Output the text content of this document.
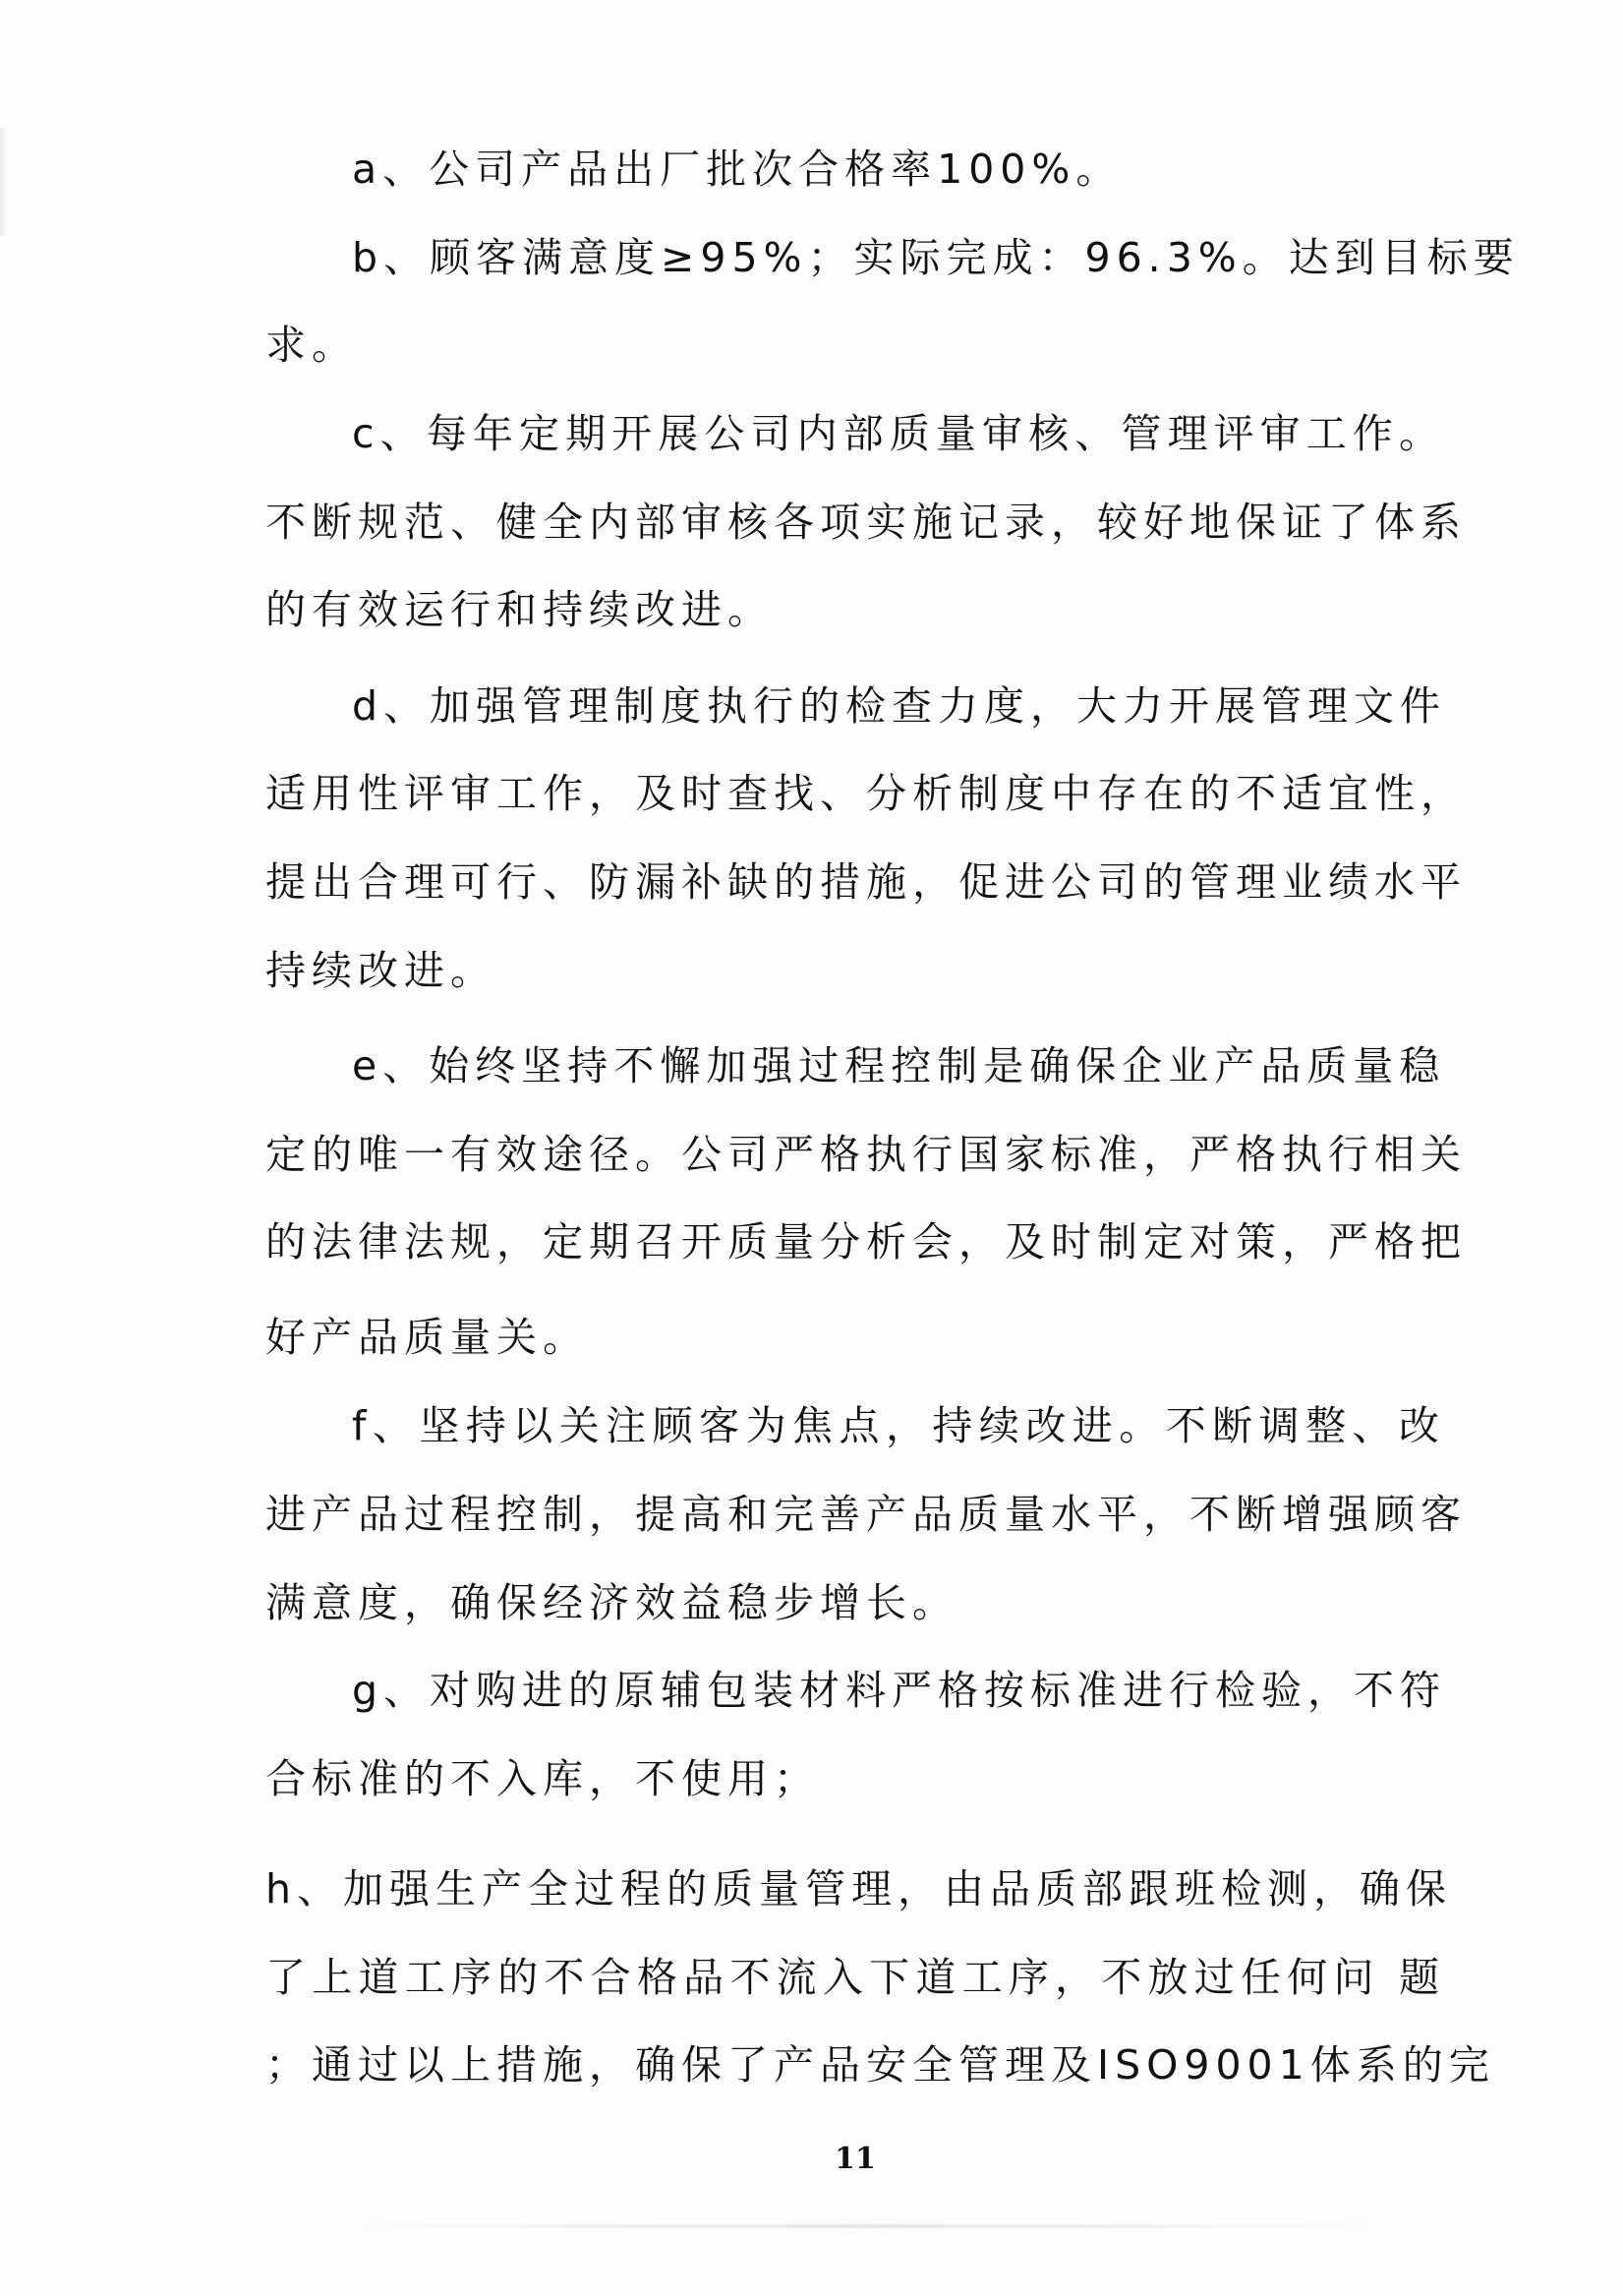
a、公司产品出厂批次合格率100%。
b、顾客满意度≥95%；实际完成：96.3%。达到目标要
求。
c、每年定期开展公司内部质量审核、管理评审工作。
不断规范、健全内部审核各项实施记录，较好地保证了体系
的有效运行和持续改进。
d、加强管理制度执行的检查力度，大力开展管理文件
适用性评审工作，及时查找、分析制度中存在的不适宜性，
提出合理可行、防漏补缺的措施，促进公司的管理业绩水平
持续改进。
e、始终坚持不懈加强过程控制是确保企业产品质量稳
定的唯一有效途径。公司严格执行国家标准，严格执行相关
的法律法规，定期召开质量分析会，及时制定对策，严格把
好产品质量关。
f、坚持以关注顾客为焦点，持续改进。不断调整、改
进产品过程控制，提高和完善产品质量水平，不断增强顾客
满意度，确保经济效益稳步增长。
g、对购进的原辅包装材料严格按标准进行检验，不符
合标准的不入库，不使用；
h、加强生产全过程的质量管理，由品质部跟班检测，确保
了上道工序的不合格品不流入下道工序，不放过任何问 题
；通过以上措施，确保了产品安全管理及ISO9001体系的完
11
